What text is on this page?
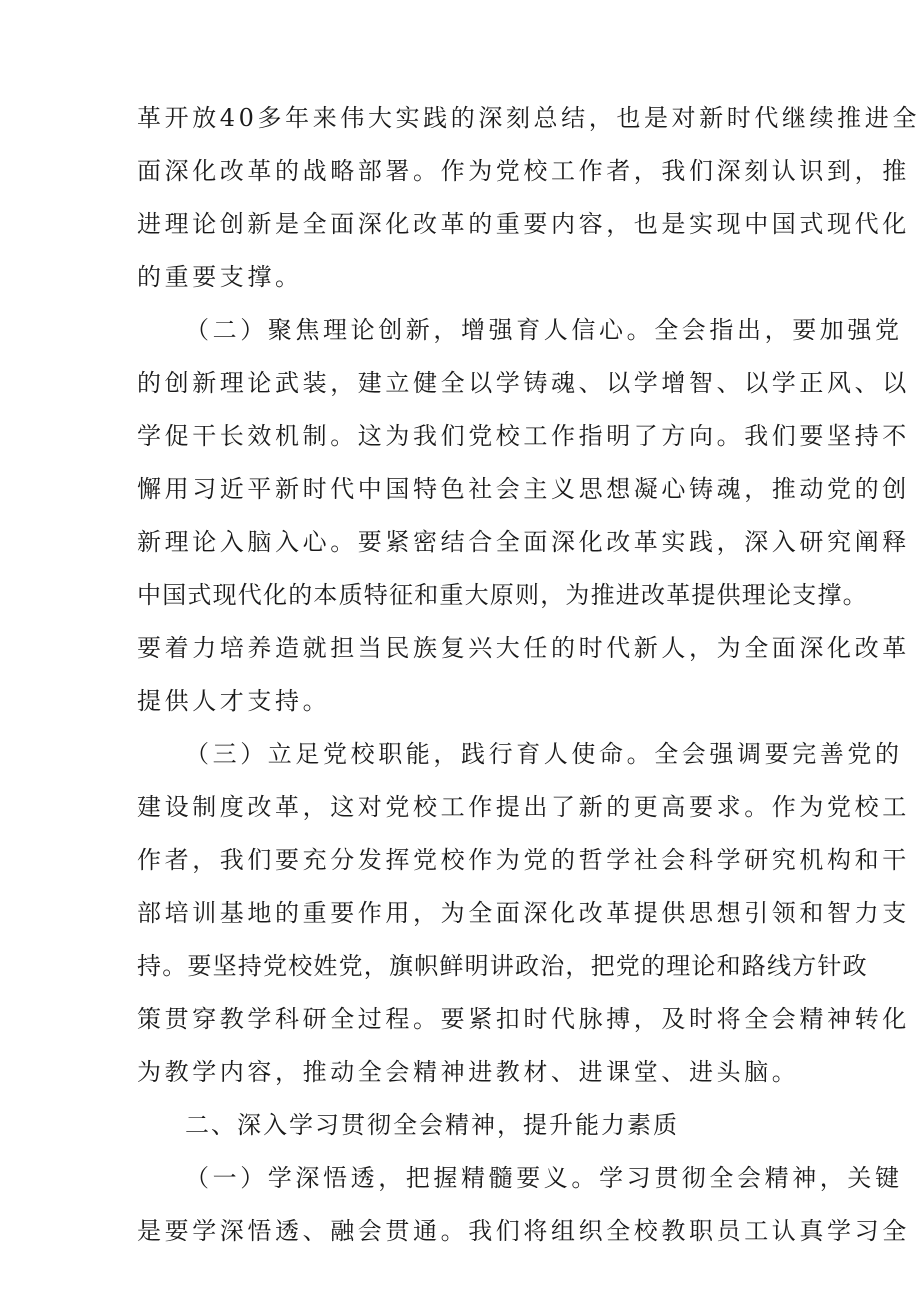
革开放40多年来伟大实践的深刻总结，也是对新时代继续推进全
面深化改革的战略部署。作为党校工作者，我们深刻认识到，推
进理论创新是全面深化改革的重要内容，也是实现中国式现代化
的重要支撑。
（二）聚焦理论创新，增强育人信心。全会指出，要加强党
的创新理论武装，建立健全以学铸魂、以学增智、以学正风、以
学促干长效机制。这为我们党校工作指明了方向。我们要坚持不
懈用习近平新时代中国特色社会主义思想凝心铸魂，推动党的创
新理论入脑入心。要紧密结合全面深化改革实践，深入研究阐释
中国式现代化的本质特征和重大原则，为推进改革提供理论支撑。
要着力培养造就担当民族复兴大任的时代新人，为全面深化改革
提供人才支持。
（三）立足党校职能，践行育人使命。全会强调要完善党的
建设制度改革，这对党校工作提出了新的更高要求。作为党校工
作者，我们要充分发挥党校作为党的哲学社会科学研究机构和干
部培训基地的重要作用，为全面深化改革提供思想引领和智力支
持。要坚持党校姓党，旗帜鲜明讲政治，把党的理论和路线方针政
策贯穿教学科研全过程。要紧扣时代脉搏，及时将全会精神转化
为教学内容，推动全会精神进教材、进课堂、进头脑。
二、深入学习贯彻全会精神，提升能力素质
（一）学深悟透，把握精髓要义。学习贯彻全会精神，关键
是要学深悟透、融会贯通。我们将组织全校教职员工认真学习全
